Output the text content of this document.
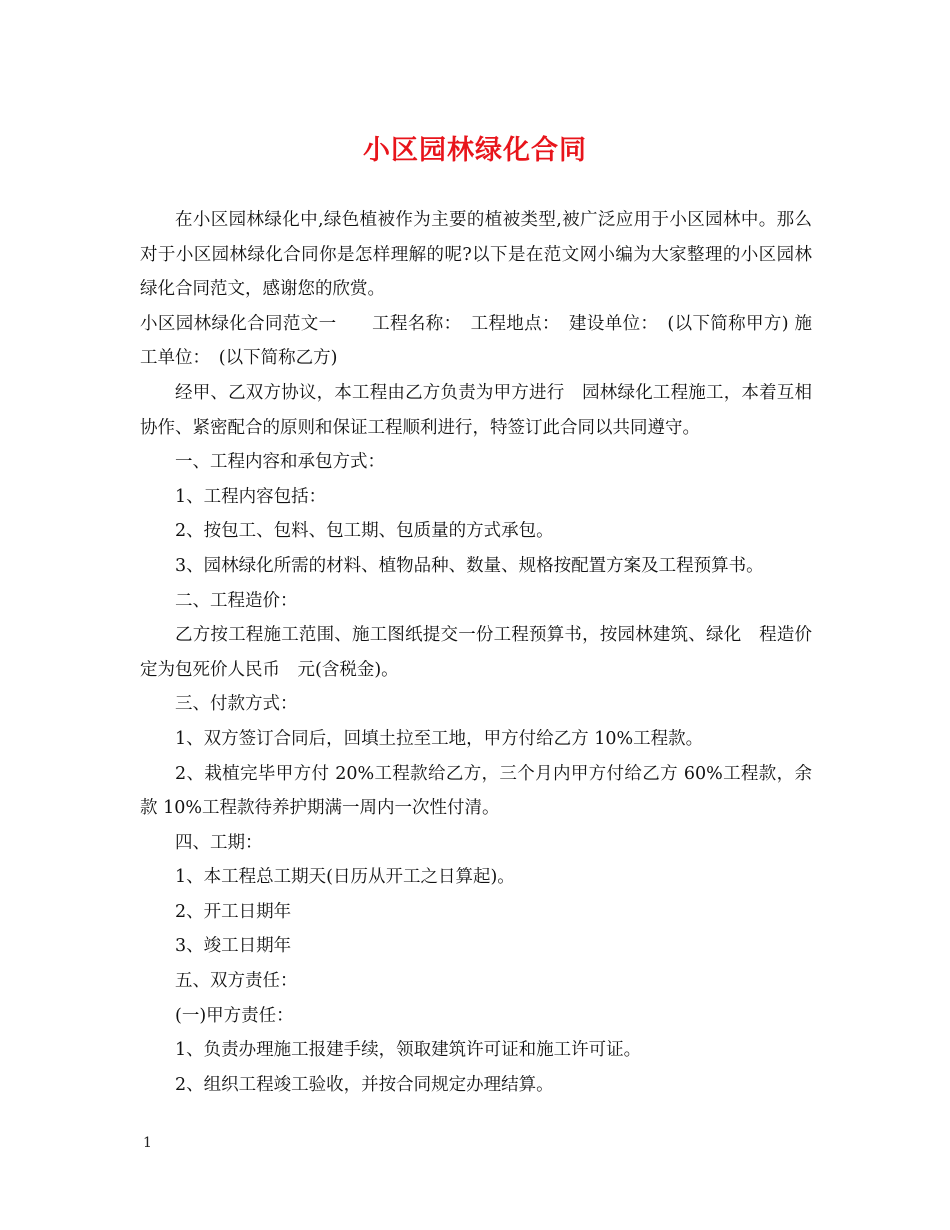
小区园林绿化合同

在小区园林绿化中,绿色植被作为主要的植被类型,被广泛应用于小区园林中。那么对于小区园林绿化合同你是怎样理解的呢?以下是在范文网小编为大家整理的小区园林绿化合同范文，感谢您的欣赏。

小区园林绿化合同范文一　　工程名称：　工程地点：　建设单位：　(以下简称甲方) 施工单位：　(以下简称乙方)

经甲、乙双方协议，本工程由乙方负责为甲方进行　园林绿化工程施工，本着互相协作、紧密配合的原则和保证工程顺利进行，特签订此合同以共同遵守。

一、工程内容和承包方式：

1、工程内容包括：

2、按包工、包料、包工期、包质量的方式承包。

3、园林绿化所需的材料、植物品种、数量、规格按配置方案及工程预算书。

二、工程造价：

乙方按工程施工范围、施工图纸提交一份工程预算书，按园林建筑、绿化　程造价定为包死价人民币　元(含税金)。

三、付款方式：

1、双方签订合同后，回填土拉至工地，甲方付给乙方 10%工程款。

2、栽植完毕甲方付 20%工程款给乙方，三个月内甲方付给乙方 60%工程款，余款 10%工程款待养护期满一周内一次性付清。

四、工期：

1、本工程总工期天(日历从开工之日算起)。

2、开工日期年

3、竣工日期年

五、双方责任：

(一)甲方责任：

1、负责办理施工报建手续，领取建筑许可证和施工许可证。

2、组织工程竣工验收，并按合同规定办理结算。

1
